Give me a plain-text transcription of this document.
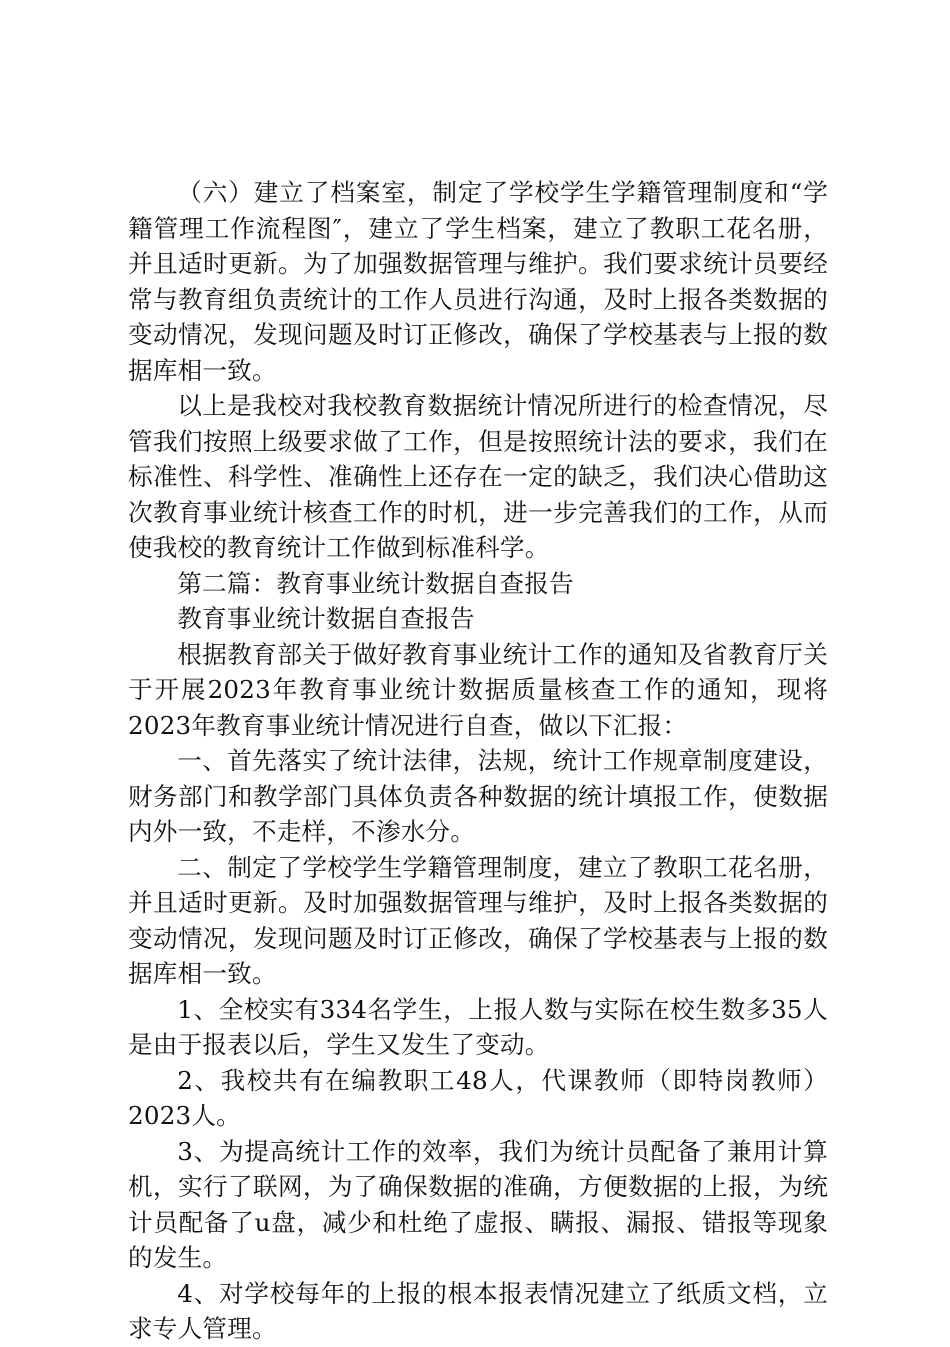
（六）建立了档案室，制定了学校学生学籍管理制度和“学籍管理工作流程图″，建立了学生档案，建立了教职工花名册，并且适时更新。为了加强数据管理与维护。我们要求统计员要经常与教育组负责统计的工作人员进行沟通，及时上报各类数据的变动情况，发现问题及时订正修改，确保了学校基表与上报的数据库相一致。

以上是我校对我校教育数据统计情况所进行的检查情况，尽管我们按照上级要求做了工作，但是按照统计法的要求，我们在标准性、科学性、准确性上还存在一定的缺乏，我们决心借助这次教育事业统计核查工作的时机，进一步完善我们的工作，从而使我校的教育统计工作做到标准科学。

第二篇：教育事业统计数据自查报告

教育事业统计数据自查报告

根据教育部关于做好教育事业统计工作的通知及省教育厅关于开展2023年教育事业统计数据质量核查工作的通知，现将2023年教育事业统计情况进行自查，做以下汇报：

一、首先落实了统计法律，法规，统计工作规章制度建设，财务部门和教学部门具体负责各种数据的统计填报工作，使数据内外一致，不走样，不渗水分。

二、制定了学校学生学籍管理制度，建立了教职工花名册，并且适时更新。及时加强数据管理与维护，及时上报各类数据的变动情况，发现问题及时订正修改，确保了学校基表与上报的数据库相一致。

1、全校实有334名学生，上报人数与实际在校生数多35人是由于报表以后，学生又发生了变动。

2、我校共有在编教职工48人，代课教师（即特岗教师）2023人。

3、为提高统计工作的效率，我们为统计员配备了兼用计算机，实行了联网，为了确保数据的准确，方便数据的上报，为统计员配备了u盘，减少和杜绝了虚报、瞒报、漏报、错报等现象的发生。

4、对学校每年的上报的根本报表情况建立了纸质文档，立求专人管理。
